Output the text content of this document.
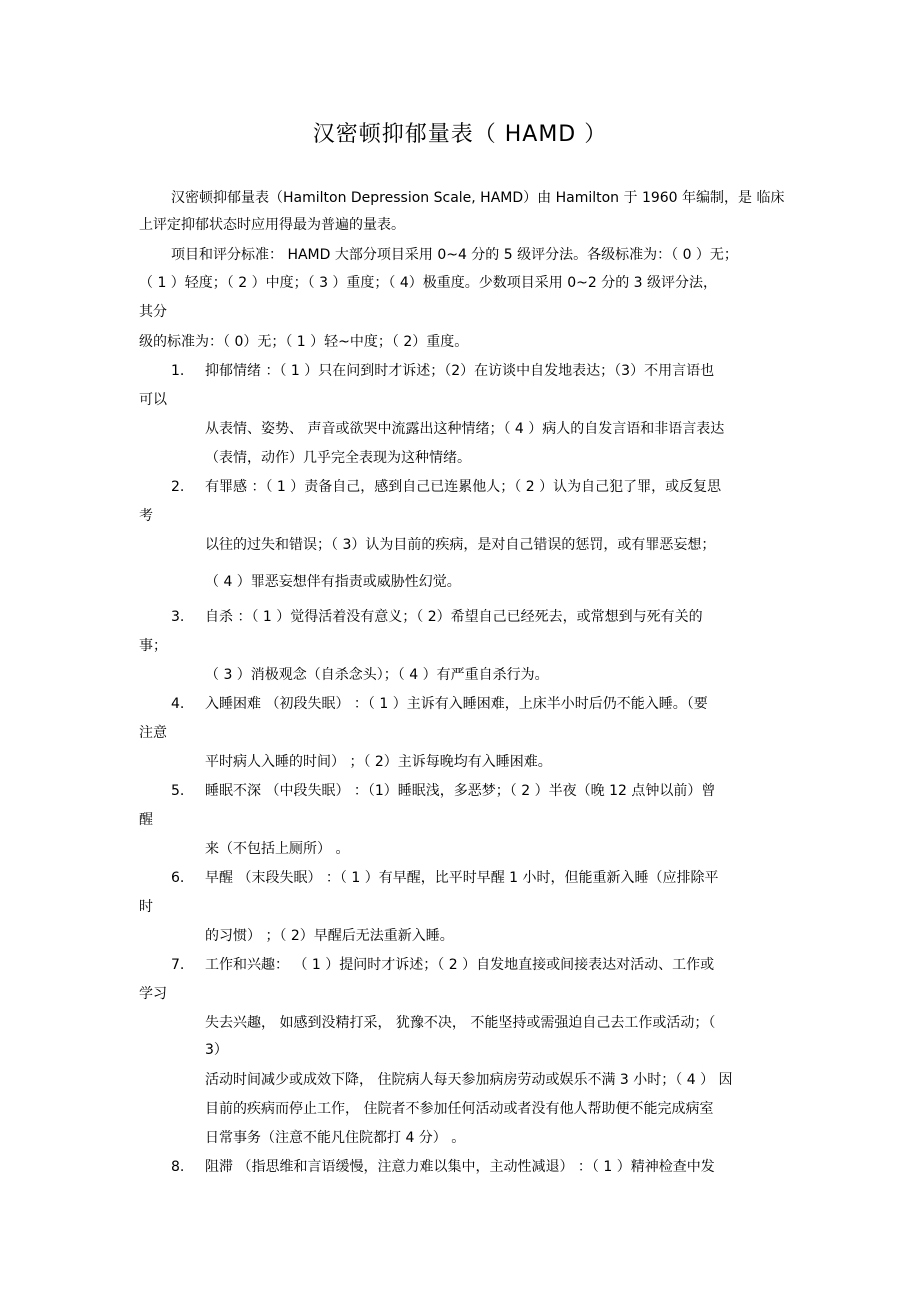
汉密顿抑郁量表（ HAMD ）
汉密顿抑郁量表（Hamilton Depression Scale, HAMD）由 Hamilton 于 1960 年编制，是 临床
上评定抑郁状态时应用得最为普遍的量表。
项目和评分标准： HAMD 大部分项目采用 0~4 分的 5 级评分法。各级标准为：（ 0 ）无；
（ 1 ）轻度；（ 2 ）中度；（ 3 ）重度；（ 4）极重度。少数项目采用 0~2 分的 3 级评分法，
其分
级的标准为：（ 0）无；（ 1 ）轻~中度；（ 2）重度。
1. 抑郁情绪 ：（ 1 ）只在问到时才诉述；（2）在访谈中自发地表达；（3）不用言语也
可以
从表情、姿势、 声音或欲哭中流露出这种情绪；（ 4 ）病人的自发言语和非语言表达
（表情，动作）几乎完全表现为这种情绪。
2. 有罪感 ：（ 1 ）责备自己，感到自己已连累他人；（ 2 ）认为自己犯了罪，或反复思
考
以往的过失和错误；（ 3）认为目前的疾病，是对自己错误的惩罚，或有罪恶妄想；
（ 4 ）罪恶妄想伴有指责或威胁性幻觉。
3. 自杀 ：（ 1 ）觉得活着没有意义；（ 2）希望自己已经死去，或常想到与死有关的
事；
（ 3 ）消极观念（自杀念头）；（ 4 ）有严重自杀行为。
4. 入睡困难 （初段失眠） ：（ 1 ）主诉有入睡困难，上床半小时后仍不能入睡。（要
注意
平时病人入睡的时间） ；（ 2）主诉每晚均有入睡困难。
5. 睡眠不深 （中段失眠） ：（1）睡眠浅，多恶梦；（ 2 ）半夜（晚 12 点钟以前）曾
醒
来（不包括上厕所） 。
6. 早醒 （末段失眠） ：（ 1 ）有早醒，比平时早醒 1 小时，但能重新入睡（应排除平
时
的习惯） ；（ 2）早醒后无法重新入睡。
7. 工作和兴趣： （ 1 ）提问时才诉述；（ 2 ）自发地直接或间接表达对活动、工作或
学习
失去兴趣， 如感到没精打采， 犹豫不决， 不能坚持或需强迫自己去工作或活动；（
3）
活动时间减少或成效下降， 住院病人每天参加病房劳动或娱乐不满 3 小时；（ 4 ） 因
目前的疾病而停止工作， 住院者不参加任何活动或者没有他人帮助便不能完成病室
日常事务（注意不能凡住院都打 4 分） 。
8. 阻滞 （指思维和言语缓慢，注意力难以集中，主动性减退） ：（ 1 ）精神检查中发
